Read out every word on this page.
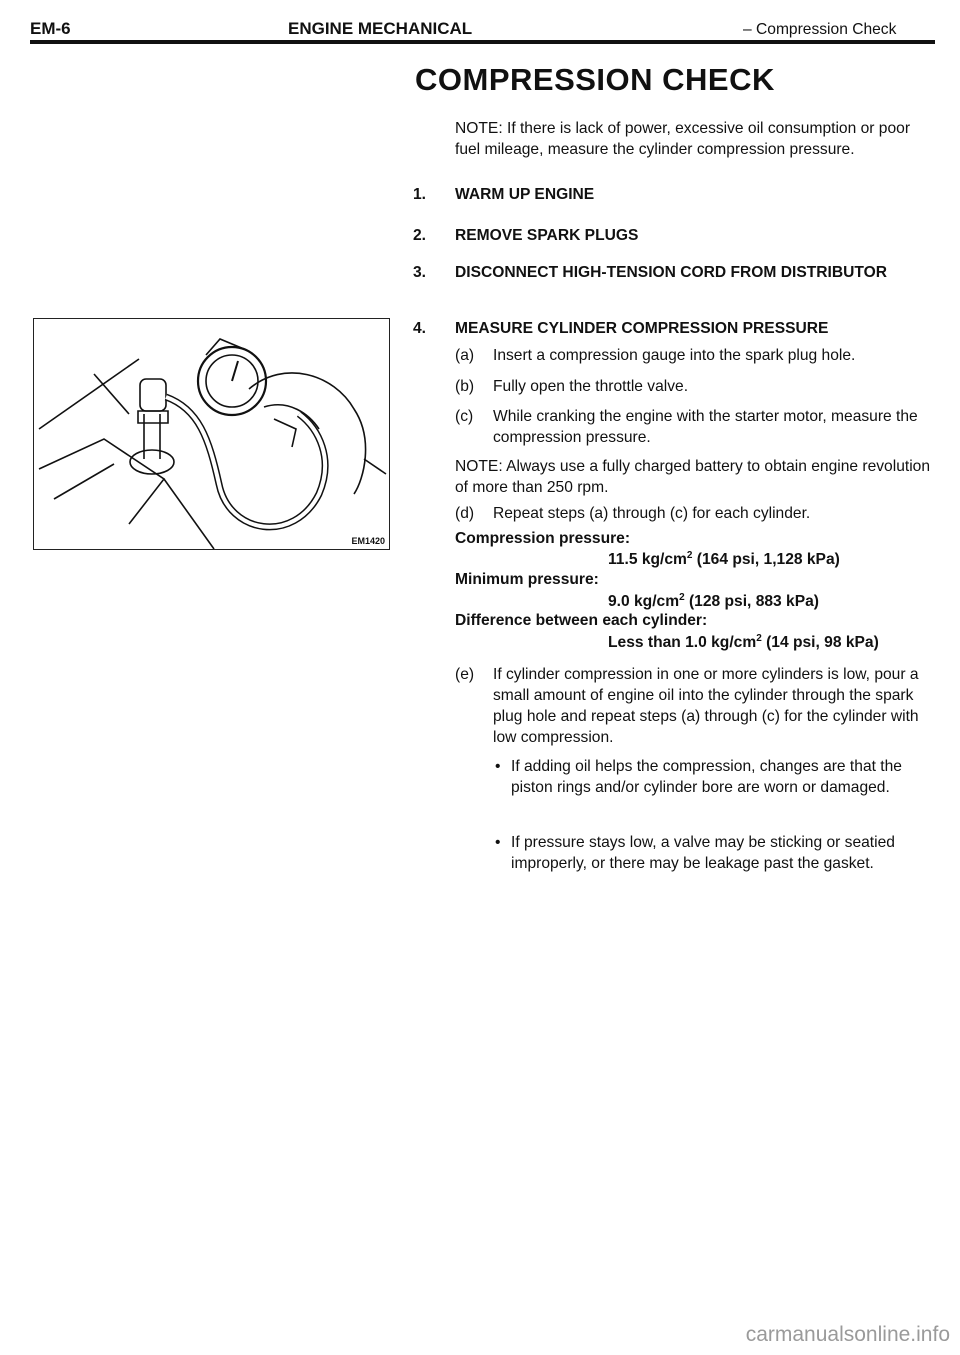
EM-6	ENGINE MECHANICAL	– Compression Check
COMPRESSION CHECK
NOTE: If there is lack of power, excessive oil consumption or poor fuel mileage, measure the cylinder compression pressure.
1. WARM UP ENGINE
2. REMOVE SPARK PLUGS
3. DISCONNECT HIGH-TENSION CORD FROM DISTRIBUTOR
EM1420
4. MEASURE CYLINDER COMPRESSION PRESSURE
(a) Insert a compression gauge into the spark plug hole.
(b) Fully open the throttle valve.
(c) While cranking the engine with the starter motor, measure the compression pressure.
NOTE: Always use a fully charged battery to obtain engine revolution of more than 250 rpm.
(d) Repeat steps (a) through (c) for each cylinder.
Compression pressure:
11.5 $kg/cm^2$ (164 psi, 1,128 kPa)
Minimum pressure:
9.0 $kg/cm^2$ (128 psi, 883 kPa)
Difference between each cylinder:
Less than 1.0 $kg/cm^2$ (14 psi, 98 kPa)
(e) If cylinder compression in one or more cylinders is low, pour a small amount of engine oil into the cylinder through the spark plug hole and repeat steps (a) through (c) for the cylinder with low compression.
• If adding oil helps the compression, changes are that the piston rings and/or cylinder bore are worn or damaged.
• If pressure stays low, a valve may be sticking or seatied improperly, or there may be leakage past the gasket.
carmanualsonline.info
